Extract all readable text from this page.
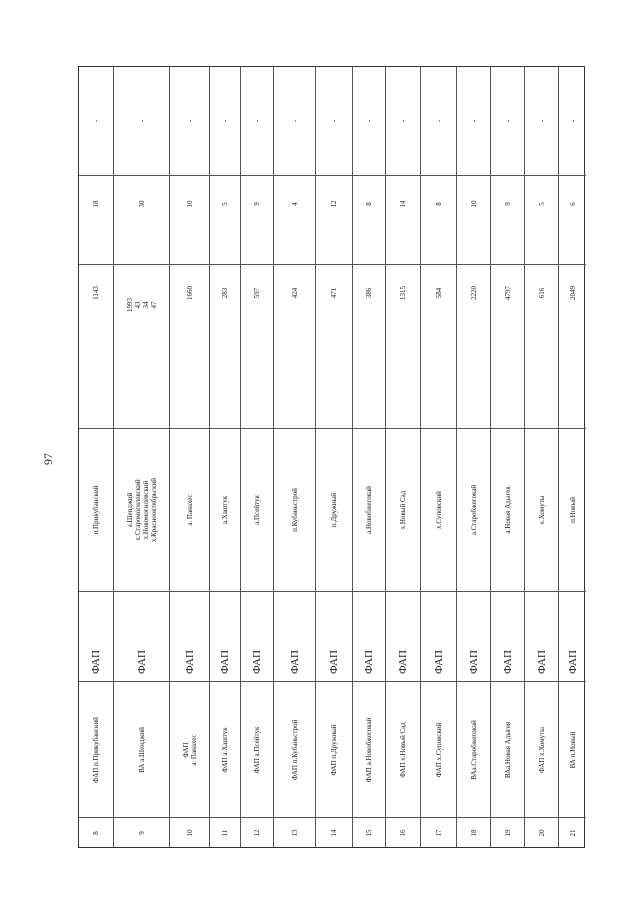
97
-
18
1143
п.Прикубанский
ФАП
ФАП п.Прикубанский
8
-
30
1993
43
34
47
а.Шенджий
х.Старомогилевский
х.Новомогилевский
х.Краснооктябрьский
ФАП
ВА а.Шенджий
9
-
10
1660
а. Панахес
ФАП
ФАП
а. Панахес
10
-
5
283
а.Хаштук
ФАП
ФАП а.Хаштук
11
-
9
597
а.Псейтук
ФАП
ФАП а.Псейтук
12
-
4
424
п.Кубаньстрой
ФАП
ФАП п.Кубаньстрой
13
-
12
471
п.Дружный
ФАП
ФАП п.Дружный
14
-
8
386
а.Новобжегокай
ФАП
ФАП а.Новобжегокай
15
-
14
1315
х.Новый Сад
ФАП
ФАП х.Новый Сад
16
-
8
584
х.Суповский
ФАП
ФАП х.Суповский
17
-
10
2220
а.Старобжегокай
ФАП
ВАа.Старобжегокай
18
-
9
4797
а.Новая Адыгея
ФАП
ВАа.Новая Адыгея
19
-
5
616
х.Хомуты
ФАП
ФАП х.Хомуты
20
-
6
2049
п.Новый
ФАП
ВА п.Новый
21
